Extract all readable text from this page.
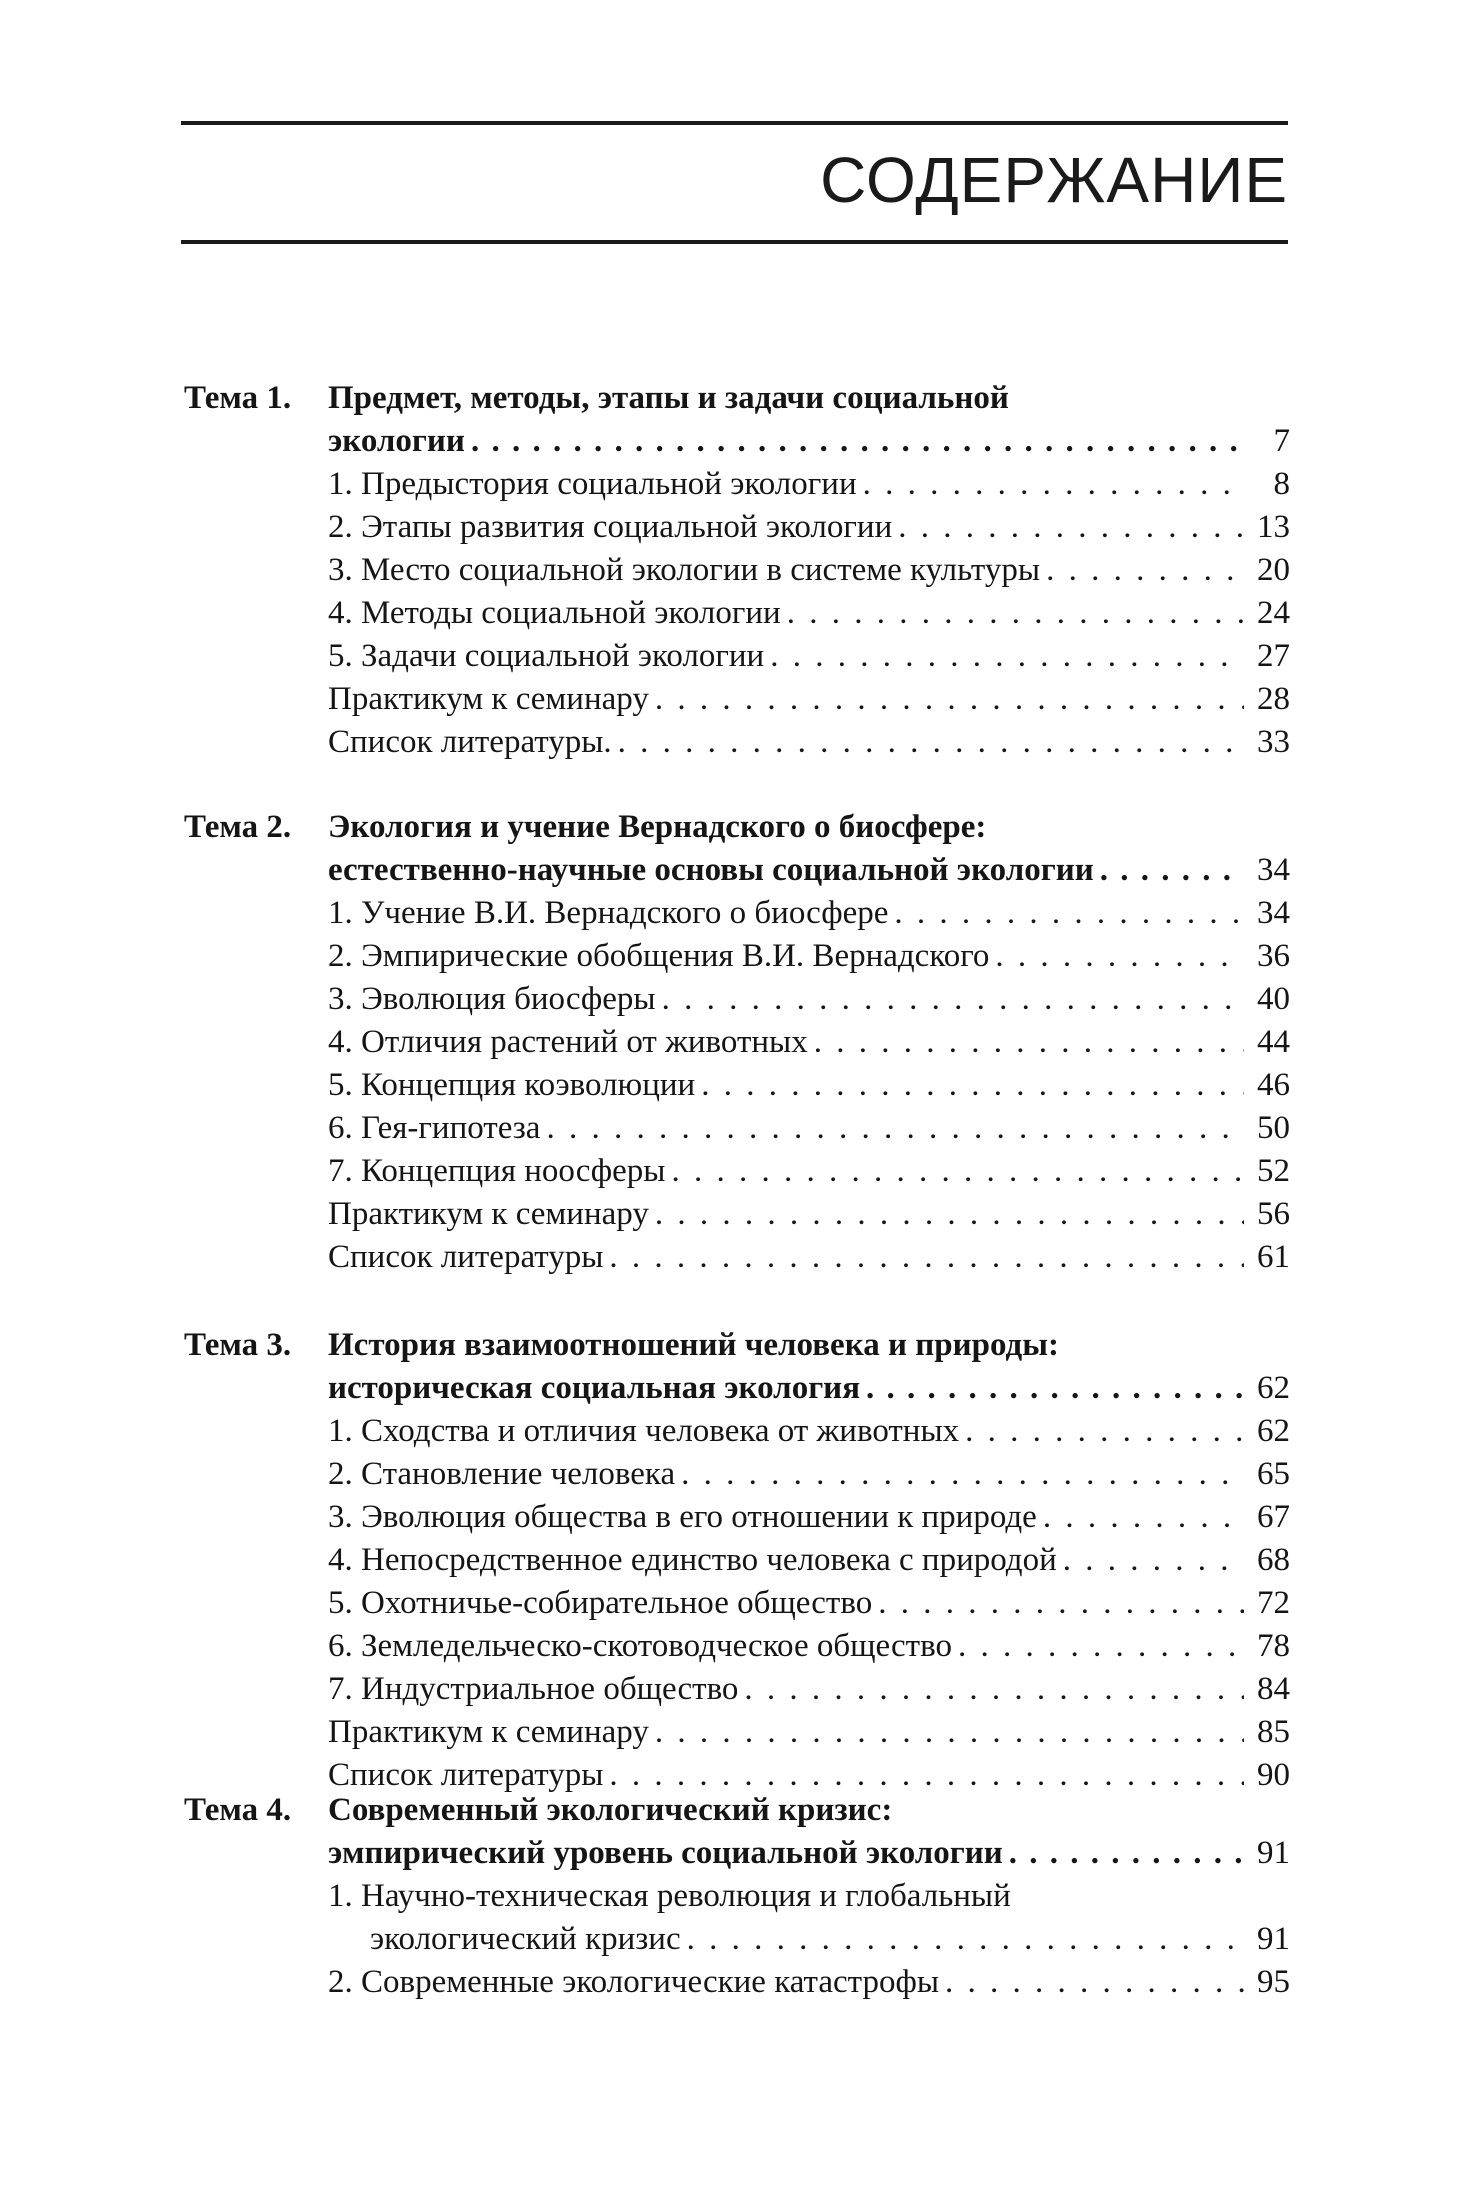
СОДЕРЖАНИЕ
Тема 1. Предмет, методы, этапы и задачи социальной
экологии . . .	7
1. Предыстория социальной экологии . . .	8
2. Этапы развития социальной экологии . . .	13
3. Место социальной экологии в системе культуры . . .	20
4. Методы социальной экологии . . .	24
5. Задачи социальной экологии . . .	27
Практикум к семинару . . .	28
Список литературы. . . .	33
Тема 2. Экология и учение Вернадского о биосфере:
естественно-научные основы социальной экологии . . .	34
1. Учение В.И. Вернадского о биосфере . . .	34
2. Эмпирические обобщения В.И. Вернадского . . .	36
3. Эволюция биосферы . . .	40
4. Отличия растений от животных . . .	44
5. Концепция коэволюции . . .	46
6. Гея-гипотеза . . .	50
7. Концепция ноосферы . . .	52
Практикум к семинару . . .	56
Список литературы . . .	61
Тема 3. История взаимоотношений человека и природы:
историческая социальная экология . . .	62
1. Сходства и отличия человека от животных . . .	62
2. Становление человека . . .	65
3. Эволюция общества в его отношении к природе . . .	67
4. Непосредственное единство человека с природой . . .	68
5. Охотничье-собирательное общество . . .	72
6. Земледельческо-скотоводческое общество . . .	78
7. Индустриальное общество . . .	84
Практикум к семинару . . .	85
Список литературы . . .	90
Тема 4. Современный экологический кризис:
эмпирический уровень социальной экологии . . .	91
1. Научно-техническая революция и глобальный
экологический кризис . . .	91
2. Современные экологические катастрофы . . .	95
